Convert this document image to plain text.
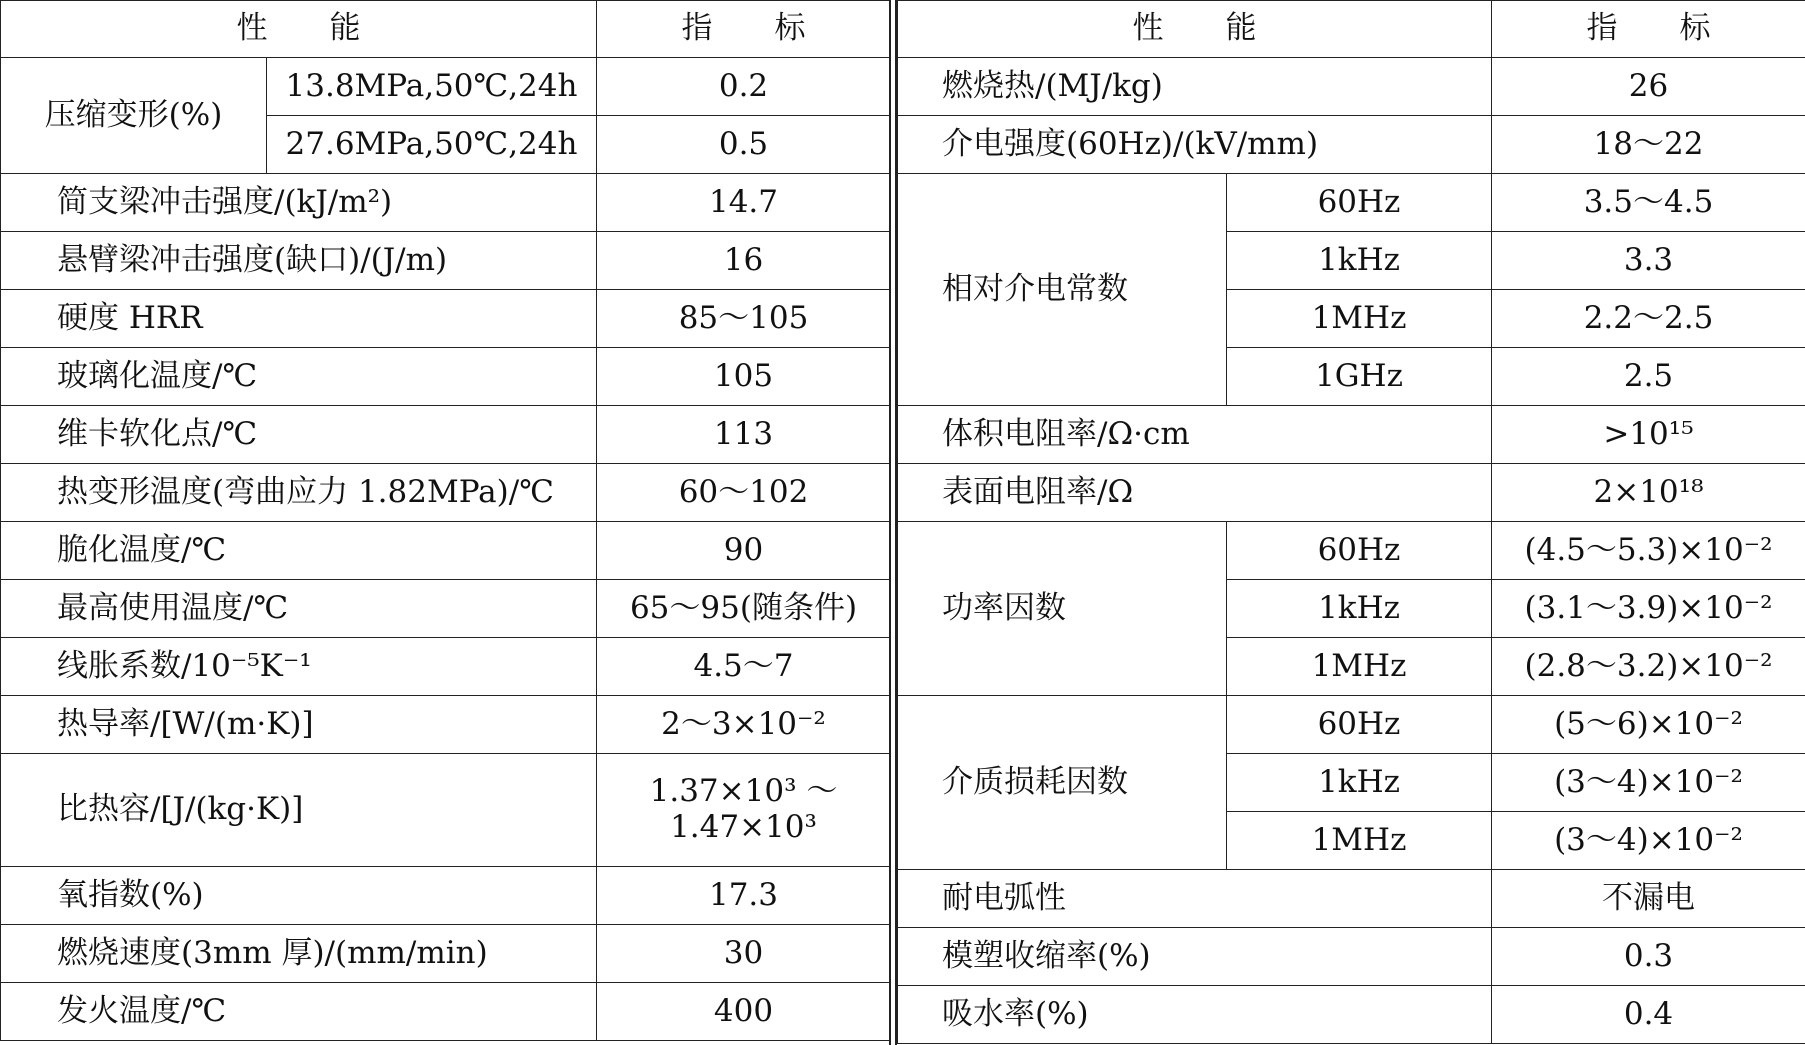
性　　能		指　　标
压缩变形(%)	13.8MPa,50℃,24h	0.2
	27.6MPa,50℃,24h	0.5
简支梁冲击强度/(kJ/m²)		14.7
悬臂梁冲击强度(缺口)/(J/m)		16
硬度 HRR		85～105
玻璃化温度/℃		105
维卡软化点/℃		113
热变形温度(弯曲应力 1.82MPa)/℃		60～102
脆化温度/℃		90
最高使用温度/℃		65～95(随条件)
线胀系数/10⁻⁵K⁻¹		4.5～7
热导率/[W/(m·K)]		2～3×10⁻²
比热容/[J/(kg·K)]		1.37×10³ ～
1.47×10³

氧指数(%)		17.3
燃烧速度(3mm 厚)/(mm/min)		30
发火温度/℃		400
性　　能		指　　标
燃烧热/(MJ/kg)		26
介电强度(60Hz)/(kV/mm)		18～22
相对介电常数	60Hz	3.5～4.5
	1kHz	3.3
	1MHz	2.2～2.5
	1GHz	2.5
体积电阻率/Ω·cm		>10¹⁵
表面电阻率/Ω		2×10¹⁸
功率因数	60Hz	(4.5～5.3)×10⁻²
	1kHz	(3.1～3.9)×10⁻²
	1MHz	(2.8～3.2)×10⁻²
介质损耗因数	60Hz	(5～6)×10⁻²
	1kHz	(3～4)×10⁻²
	1MHz	(3～4)×10⁻²
耐电弧性		不漏电
模塑收缩率(%)		0.3
吸水率(%)		0.4
